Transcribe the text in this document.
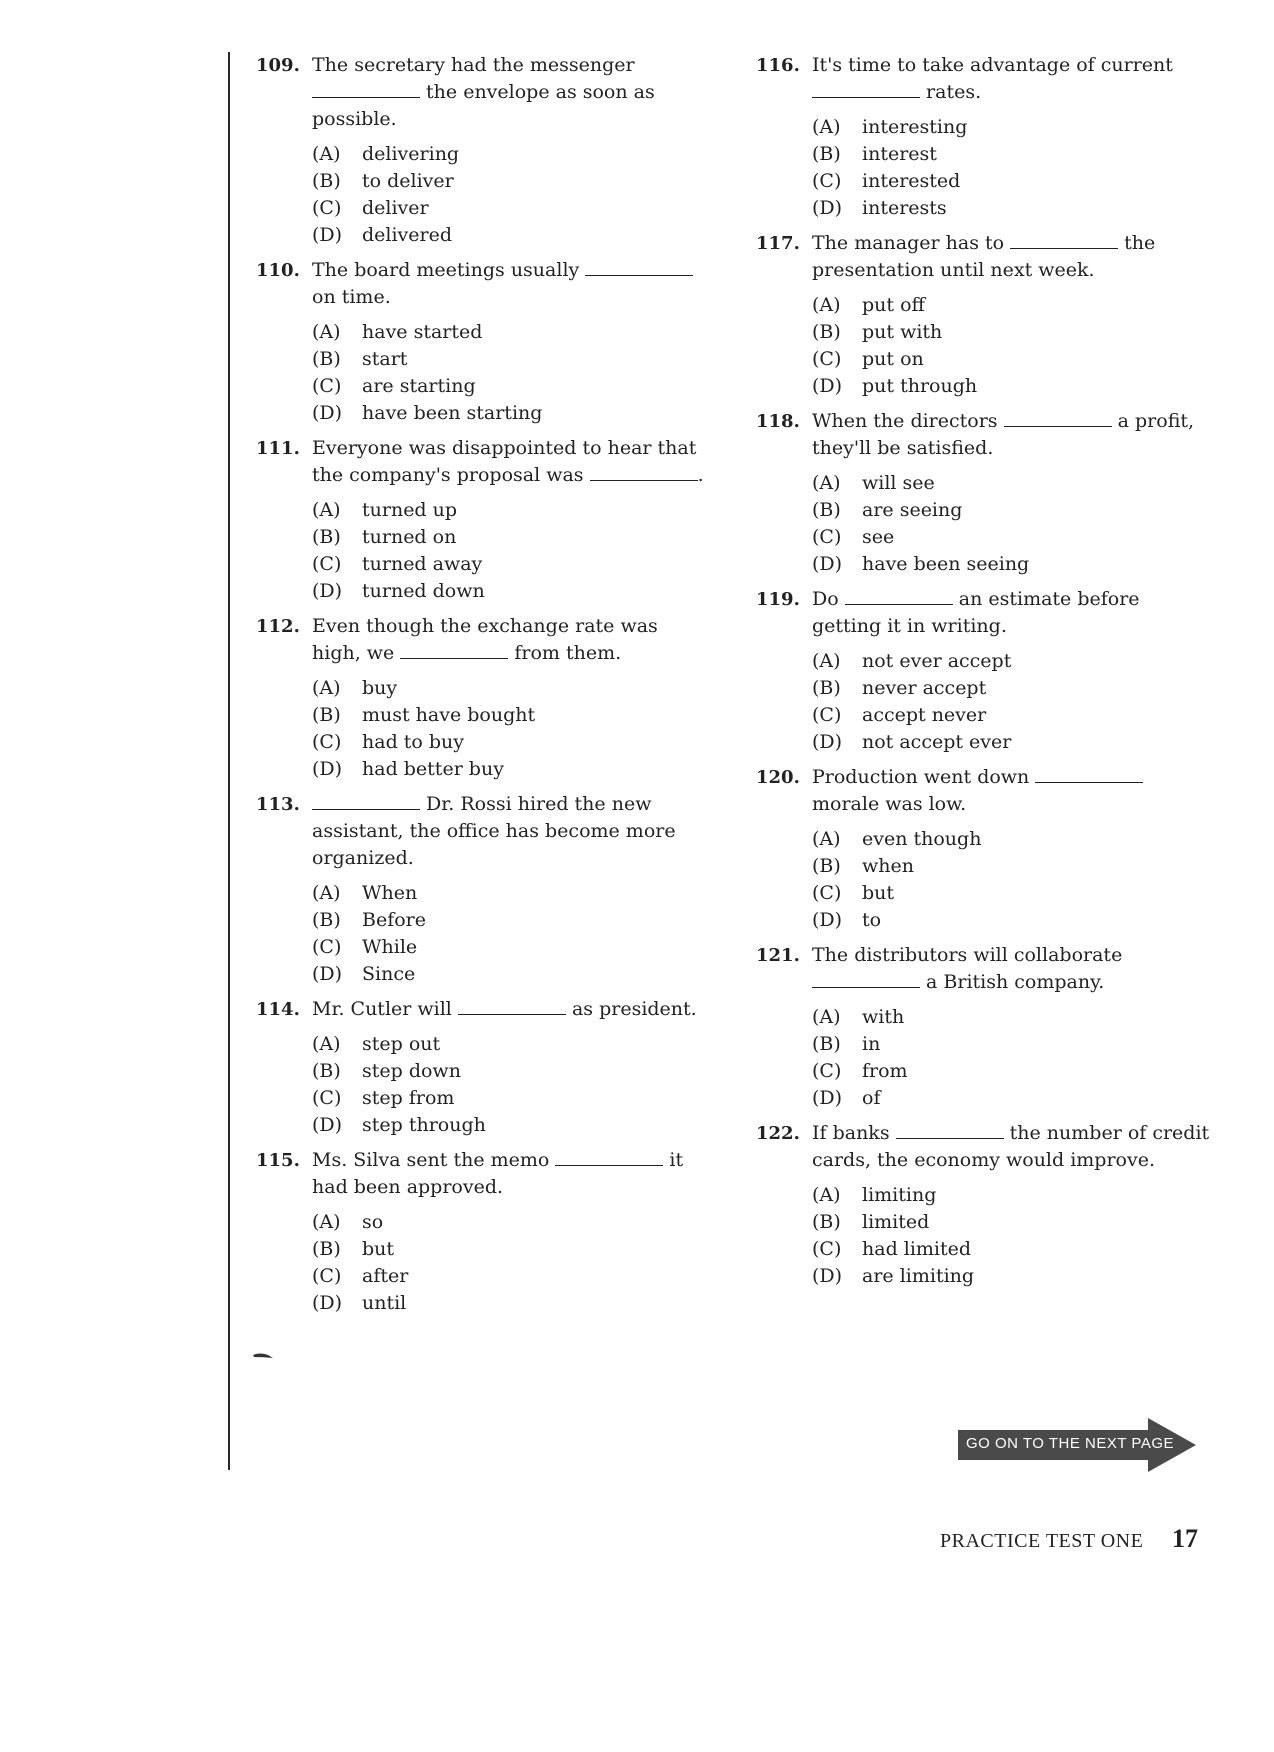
109. The secretary had the messenger  the envelope as soon as possible.
(A)	delivering
(B)	to deliver
(C)	deliver
(D)	delivered
110. The board meetings usually	on time.
(A)	have started
(B)	start
(C)	are starting
(D)	have been starting
111. Everyone was disappointed to hear that the company's proposal was	.
(A)	turned up
(B)	turned on
(C)	turned away
(D)	turned down
112. Even though the exchange rate was high, we	from them.
(A)	buy
(B)	must have bought
(C)	had to buy
(D)	had better buy
113.	Dr. Rossi hired the new assistant, the office has become more organized.
(A)	When
(B)	Before
(C)	While
(D)	Since
114. Mr. Cutler will	as president.
(A)	step out
(B)	step down
(C)	step from
(D)	step through
115. Ms. Silva sent the memo	it had been approved.
(A)	so
(B)	but
(C)	after
(D)	until
116. It's time to take advantage of current  rates.
(A)	interesting
(B)	interest
(C)	interested
(D)	interests
117. The manager has to	the presentation until next week.
(A)	put off
(B)	put with
(C)	put on
(D)	put through
118. When the directors	a profit, they'll be satisfied.
(A)	will see
(B)	are seeing
(C)	see
(D)	have been seeing
119. Do	an estimate before getting it in writing.
(A)	not ever accept
(B)	never accept
(C)	accept never
(D)	not accept ever
120. Production went down	morale was low.
(A)	even though
(B)	when
(C)	but
(D)	to
121. The distributors will collaborate  a British company.
(A)	with
(B)	in
(C)	from
(D)	of
122. If banks	the number of credit cards, the economy would improve.
(A)	limiting
(B)	limited
(C)	had limited
(D)	are limiting
GO ON TO THE NEXT PAGE
PRACTICE TEST ONE 17
